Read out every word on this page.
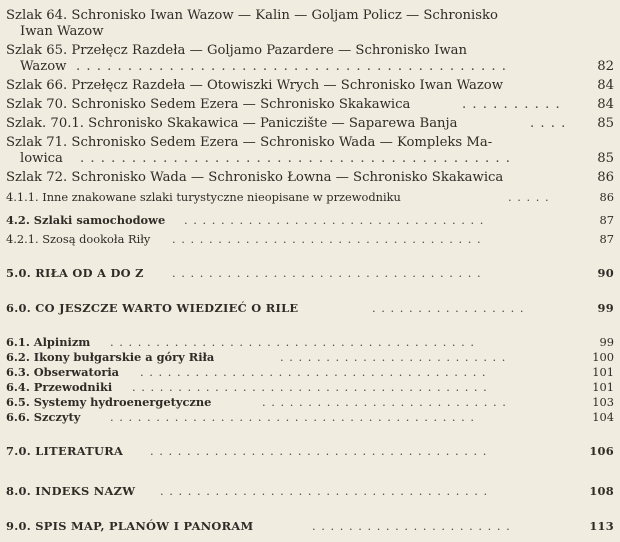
Szlak 64. Schronisko Iwan Wazow — Kalin — Goljam Policz — Schronisko
Iwan Wazow
Szlak 65. Przełęcz Razdeła — Goljamo Pazardere — Schronisko Iwan
Wazow . . . . . . . . . . . . . . . . . . . . . . . . . . . . . . . . . . . . . . . . . .	82
Szlak 66. Przełęcz Razdeła — Otowiszki Wrych — Schronisko Iwan Wazow	84
Szlak 70. Schronisko Sedem Ezera — Schronisko Skakawica	. . . . . . . . . .	84
Szlak. 70.1. Schronisko Skakawica — Paniczište — Saparewa Banja	. . . .	85
Szlak 71. Schronisko Sedem Ezera — Schronisko Wada — Kompleks Ma-
lowica . . . . . . . . . . . . . . . . . . . . . . . . . . . . . . . . . . . . . . . . . .	85
Szlak 72. Schronisko Wada — Schronisko Łowna — Schronisko Skakawica	86
4.1.1. Inne znakowane szlaki turystyczne nieopisane w przewodniku	. . . . .	86
4.2. Szlaki samochodowe . . . . . . . . . . . . . . . . . . . . . . . . . . . . . . . . .	87
4.2.1. Szosą dookoła Riły . . . . . . . . . . . . . . . . . . . . . . . . . . . . . . . . . .	87
5.0. RIŁA OD A DO Z . . . . . . . . . . . . . . . . . . . . . . . . . . . . . . . . . .	90
6.0. CO JESZCZE WARTO WIEDZIEĆ O RILE	. . . . . . . . . . . . . . . . .	99
6.1. Alpinizm . . . . . . . . . . . . . . . . . . . . . . . . . . . . . . . . . . . . . . . .	99
6.2. Ikony bułgarskie a góry Riła	. . . . . . . . . . . . . . . . . . . . . . . . .	100
6.3. Obserwatoria . . . . . . . . . . . . . . . . . . . . . . . . . . . . . . . . . . . . . .	101
6.4. Przewodniki . . . . . . . . . . . . . . . . . . . . . . . . . . . . . . . . . . . . . . .	101
6.5. Systemy hydroenergetyczne	. . . . . . . . . . . . . . . . . . . . . . . . . . .	103
6.6. Szczyty	. . . . . . . . . . . . . . . . . . . . . . . . . . . . . . . . . . . . . . . .	104
7.0. LITERATURA . . . . . . . . . . . . . . . . . . . . . . . . . . . . . . . . . . . . .	106
8.0. INDEKS NAZW . . . . . . . . . . . . . . . . . . . . . . . . . . . . . . . . . . . .	108
9.0. SPIS MAP, PLANÓW I PANORAM	. . . . . . . . . . . . . . . . . . . . . .	113
